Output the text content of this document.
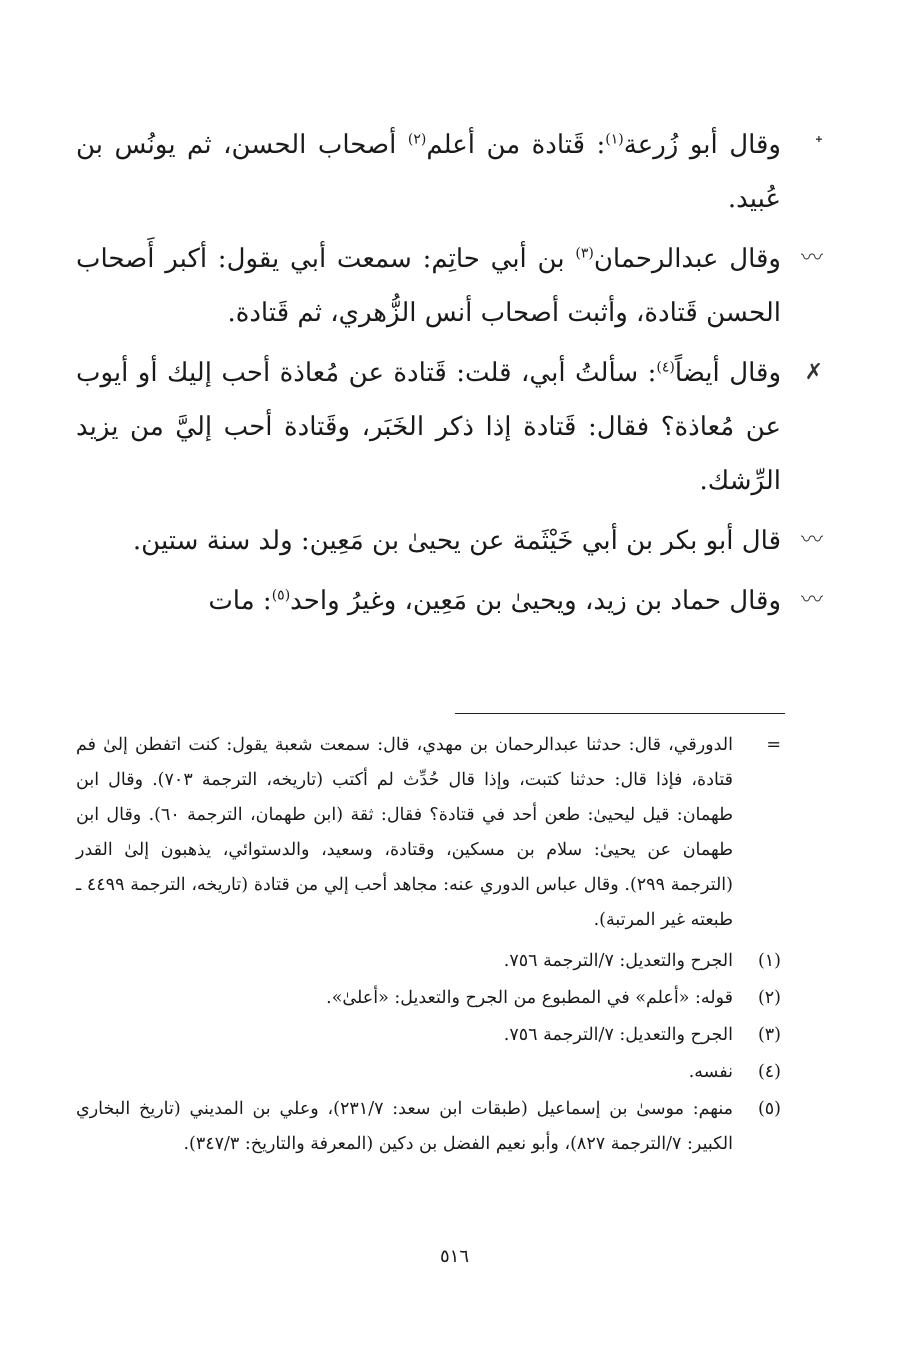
ᐩ
وقال أبو زُرعة$^{(١)}$: قَتادة من أعلم$^{(٢)}$ أصحاب الحسن، ثم يونُس بن عُبيد.

〰
وقال عبدالرحمان$^{(٣)}$ بن أبي حاتِم: سمعت أبي يقول: أكبر أَصحاب الحسن قَتادة، وأثبت أصحاب أنس الزُّهري، ثم قَتادة.

✗
وقال أيضاً$^{(٤)}$: سألتُ أبي، قلت: قَتادة عن مُعاذة أحب إليك أو أيوب عن مُعاذة؟ فقال: قَتادة إذا ذكر الخَبَر، وقَتادة أحب إليَّ من يزيد الرِّشك.

〰
قال أبو بكر بن أبي خَيْثَمة عن يحيىٰ بن مَعِين: ولد سنة ستين.

〰
وقال حماد بن زيد، ويحيىٰ بن مَعِين، وغيرُ واحد$^{(٥)}$: مات

=
الدورقي، قال: حدثنا عبدالرحمان بن مهدي، قال: سمعت شعبة يقول: كنت اتفطن إلىٰ فم قتادة، فإذا قال: حدثنا كتبت، وإذا قال حُدِّث لم أكتب (تاريخه، الترجمة ٧٠٣). وقال ابن طهمان: قيل ليحيىٰ: طعن أحد في قتادة؟ فقال: ثقة (ابن طهمان، الترجمة ٦٠). وقال ابن طهمان عن يحيىٰ: سلام بن مسكين، وقتادة، وسعيد، والدستوائي، يذهبون إلىٰ القدر (الترجمة ٢٩٩). وقال عباس الدوري عنه: مجاهد أحب إلي من قتادة (تاريخه، الترجمة ٤٤٩٩ ـ طبعته غير المرتبة).
(١)
الجرح والتعديل: ٧/الترجمة ٧٥٦.
(٢)
قوله: «أعلم» في المطبوع من الجرح والتعديل: «أعلىٰ».
(٣)
الجرح والتعديل: ٧/الترجمة ٧٥٦.
(٤)
نفسه.
(٥)
منهم: موسىٰ بن إسماعيل (طبقات ابن سعد: ٢٣١/٧)، وعلي بن المديني (تاريخ البخاري الكبير: ٧/الترجمة ٨٢٧)، وأبو نعيم الفضل بن دكين (المعرفة والتاريخ: ٣٤٧/٣).
٥١٦
